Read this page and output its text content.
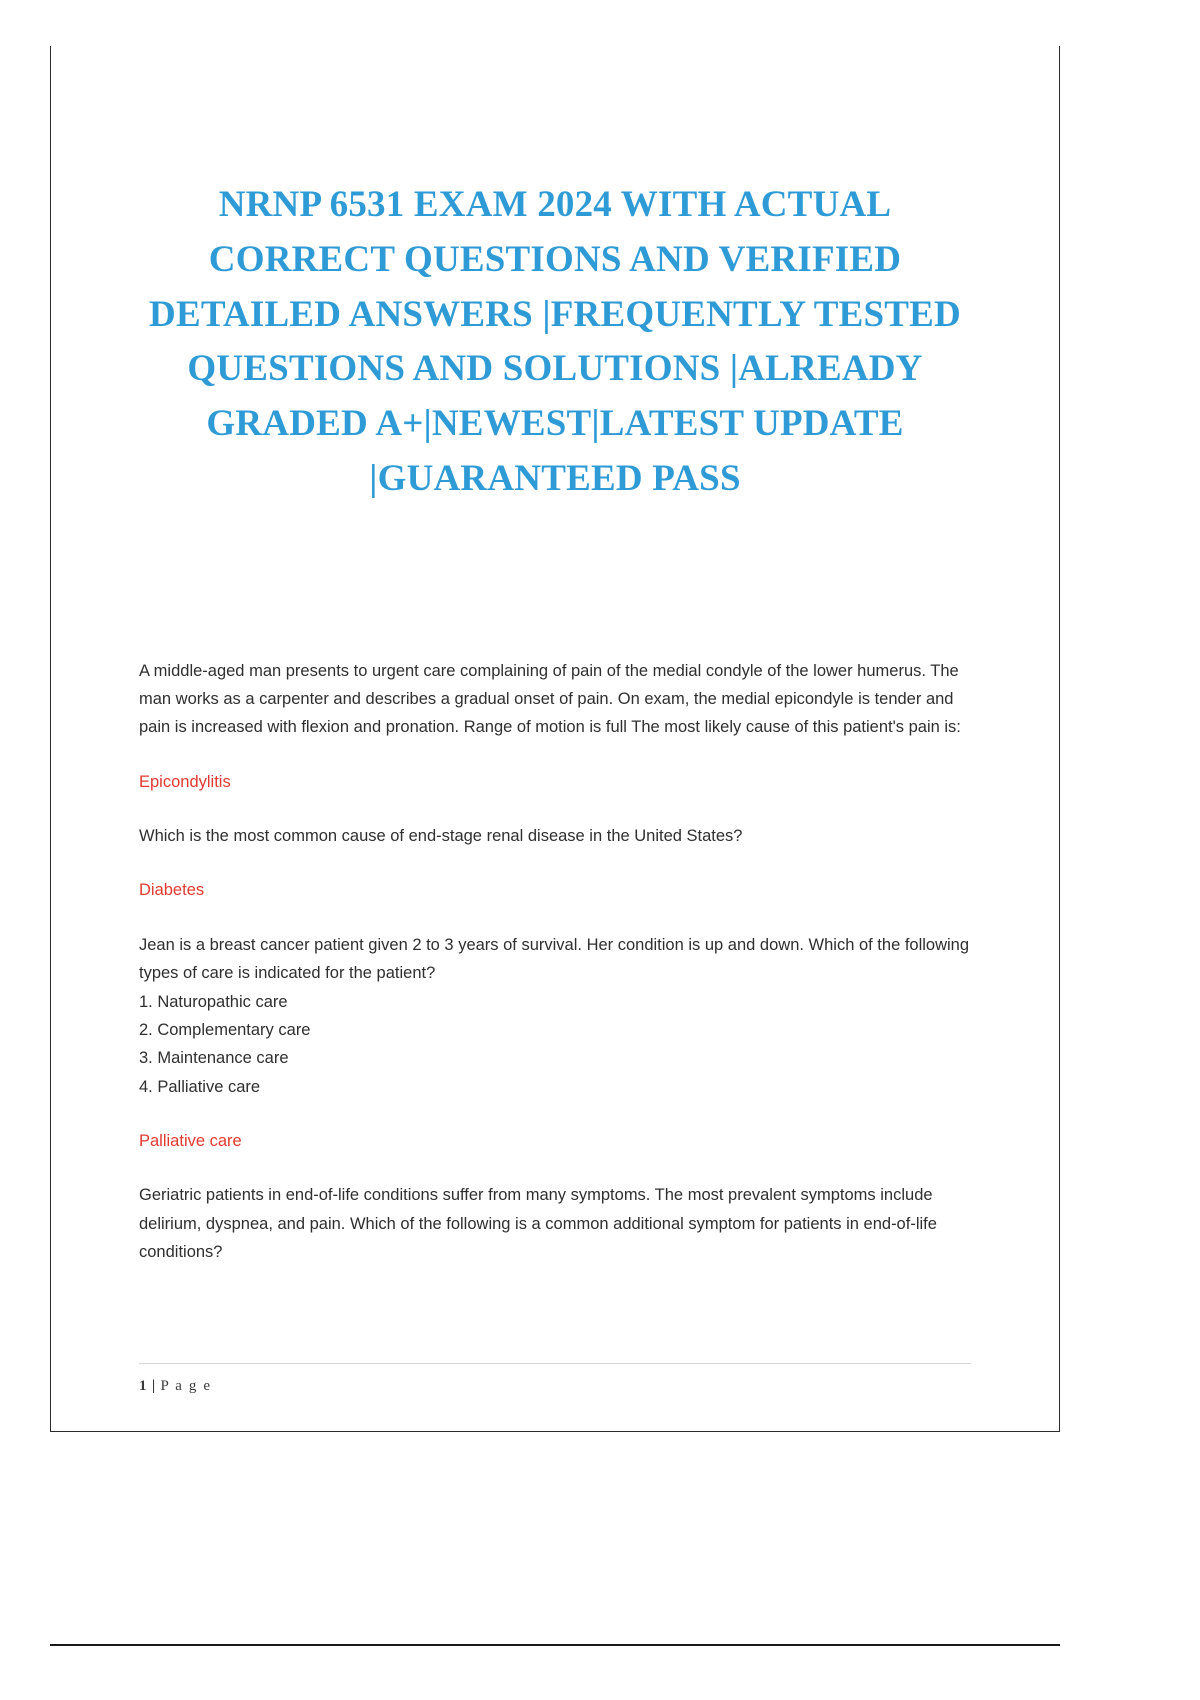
NRNP 6531 EXAM 2024 WITH ACTUAL CORRECT QUESTIONS AND VERIFIED DETAILED ANSWERS |FREQUENTLY TESTED QUESTIONS AND SOLUTIONS |ALREADY GRADED A+|NEWEST|LATEST UPDATE |GUARANTEED PASS

A middle-aged man presents to urgent care complaining of pain of the medial condyle of the lower humerus. The man works as a carpenter and describes a gradual onset of pain. On exam, the medial epicondyle is tender and pain is increased with flexion and pronation. Range of motion is full The most likely cause of this patient's pain is:

Epicondylitis

Which is the most common cause of end-stage renal disease in the United States?

Diabetes

Jean is a breast cancer patient given 2 to 3 years of survival. Her condition is up and down. Which of the following types of care is indicated for the patient?

1. Naturopathic care
2. Complementary care
3. Maintenance care
4. Palliative care

Palliative care

Geriatric patients in end-of-life conditions suffer from many symptoms. The most prevalent symptoms include delirium, dyspnea, and pain. Which of the following is a common additional symptom for patients in end-of-life conditions?

1 | P a g e
